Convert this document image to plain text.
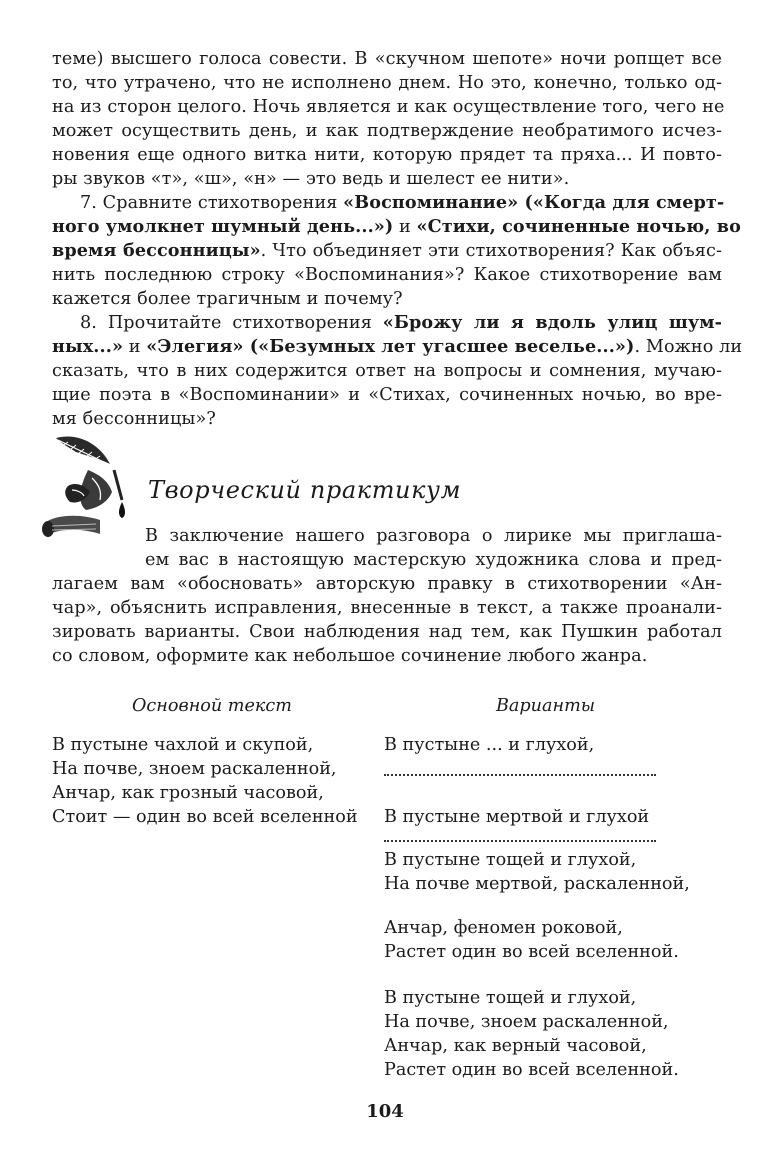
теме) высшего голоса совести. В «скучном шепоте» ночи ропщет все
то, что утрачено, что не исполнено днем. Но это, конечно, только од-
на из сторон целого. Ночь является и как осуществление того, чего не
может осуществить день, и как подтверждение необратимого исчез-
новения еще одного витка нити, которую прядет та пряха... И повто-
ры звуков «т», «ш», «н» — это ведь и шелест ее нити».
7. Сравните стихотворения «Воспоминание» («Когда для смерт-
ного умолкнет шумный день...») и «Стихи, сочиненные ночью, во
время бессонницы». Что объединяет эти стихотворения? Как объяс-
нить последнюю строку «Воспоминания»? Какое стихотворение вам
кажется более трагичным и почему?
8. Прочитайте стихотворения «Брожу ли я вдоль улиц шум-
ных...» и «Элегия» («Безумных лет угасшее веселье...»). Можно ли
сказать, что в них содержится ответ на вопросы и сомнения, мучаю-
щие поэта в «Воспоминании» и «Стихах, сочиненных ночью, во вре-
мя бессонницы»?
Творческий практикум
В заключение нашего разговора о лирике мы приглаша-
ем вас в настоящую мастерскую художника слова и пред-
лагаем вам «обосновать» авторскую правку в стихотворении «Ан-
чар», объяснить исправления, внесенные в текст, а также проанали-
зировать варианты. Свои наблюдения над тем, как Пушкин работал
со словом, оформите как небольшое сочинение любого жанра.
Основной текст	Варианты
В пустыне чахлой и скупой,
На почве, зноем раскаленной,
Анчар, как грозный часовой,
Стоит — один во всей вселенной
В пустыне ... и глухой,
В пустыне мертвой и глухой
В пустыне тощей и глухой,
На почве мертвой, раскаленной,
Анчар, феномен роковой,
Растет один во всей вселенной.
В пустыне тощей и глухой,
На почве, зноем раскаленной,
Анчар, как верный часовой,
Растет один во всей вселенной.
104
